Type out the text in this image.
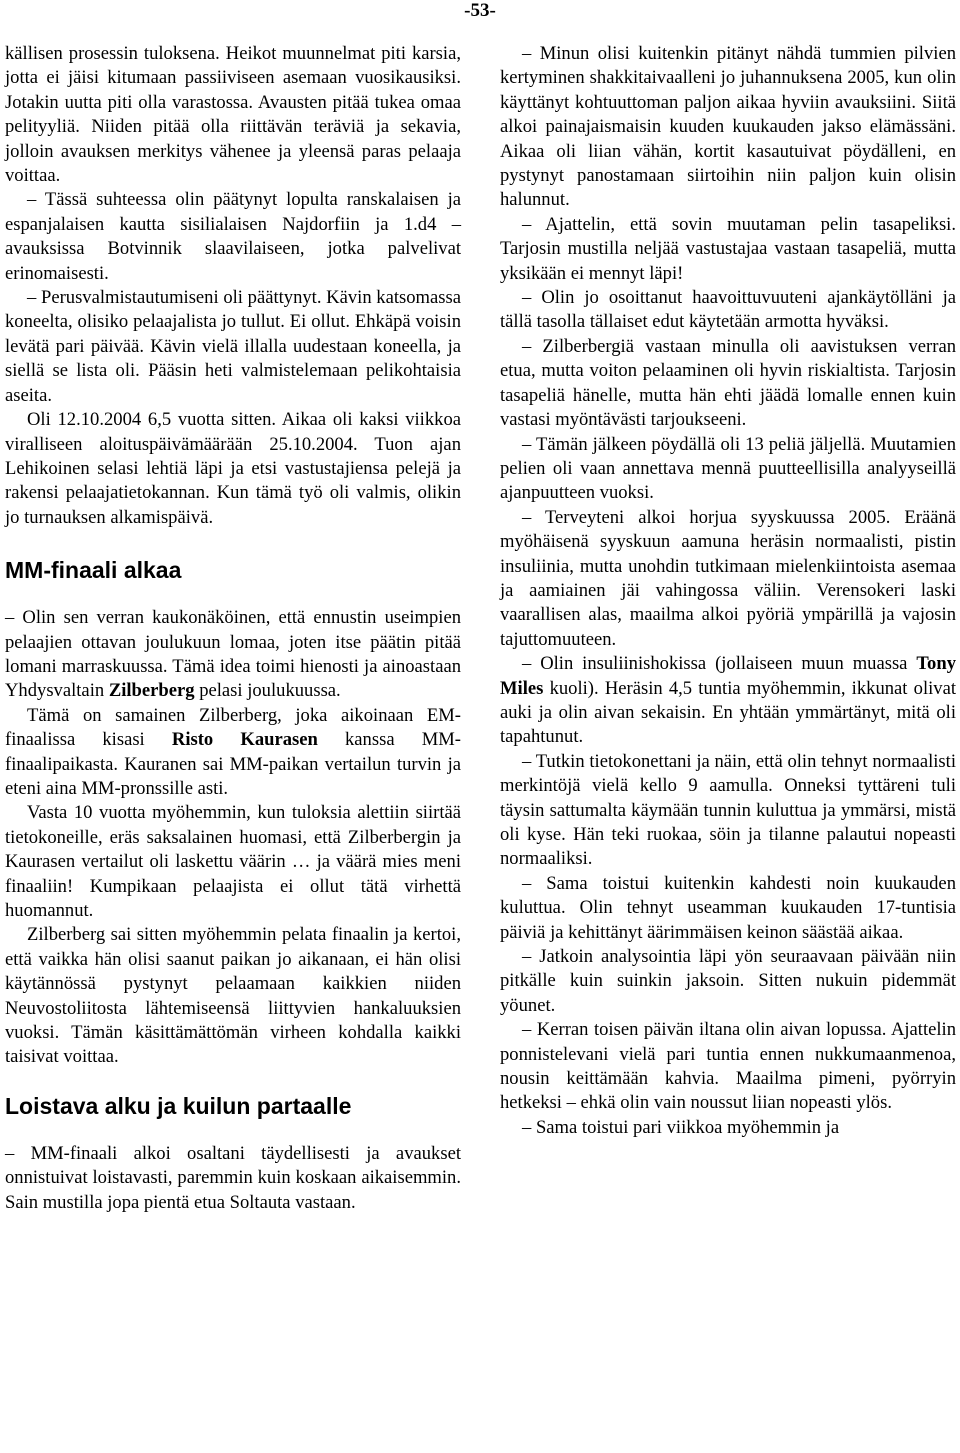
-53-

källisen prosessin tuloksena. Heikot muunnelmat piti karsia, jotta ei jäisi kitumaan passiiviseen asemaan vuosikausiksi. Jotakin uutta piti olla varastossa. Avausten pitää tukea omaa pelityyliä. Niiden pitää olla riittävän teräviä ja sekavia, jolloin avauksen merkitys vähenee ja yleensä paras pelaaja voittaa.

– Tässä suhteessa olin päätynyt lopulta ranskalaisen ja espanjalaisen kautta sisilialaisen Najdorfiin ja 1.d4 –avauksissa Botvinnik slaavilaiseen, jotka palvelivat erinomaisesti.

– Perusvalmistautumiseni oli päättynyt. Kävin katsomassa koneelta, olisiko pelaajalista jo tullut. Ei ollut. Ehkäpä voisin levätä pari päivää. Kävin vielä illalla uudestaan koneella, ja siellä se lista oli. Pääsin heti valmistelemaan pelikohtaisia aseita.

Oli 12.10.2004 6,5 vuotta sitten. Aikaa oli kaksi viikkoa viralliseen aloituspäivämäärään 25.10.2004. Tuon ajan Lehikoinen selasi lehtiä läpi ja etsi vastustajiensa pelejä ja rakensi pelaajatietokannan. Kun tämä työ oli valmis, olikin jo turnauksen alkamispäivä.

MM-finaali alkaa

– Olin sen verran kaukonäköinen, että ennustin useimpien pelaajien ottavan joulukuun lomaa, joten itse päätin pitää lomani marraskuussa. Tämä idea toimi hienosti ja ainoastaan Yhdysvaltain Zilberberg pelasi joulukuussa.

Tämä on samainen Zilberberg, joka aikoinaan EM-finaalissa kisasi Risto Kaurasen kanssa MM-finaalipaikasta. Kauranen sai MM-paikan vertailun turvin ja eteni aina MM-pronssille asti.

Vasta 10 vuotta myöhemmin, kun tuloksia alettiin siirtää tietokoneille, eräs saksalainen huomasi, että Zilberbergin ja Kaurasen vertailut oli laskettu väärin … ja väärä mies meni finaaliin! Kumpikaan pelaajista ei ollut tätä virhettä huomannut.

Zilberberg sai sitten myöhemmin pelata finaalin ja kertoi, että vaikka hän olisi saanut paikan jo aikanaan, ei hän olisi käytännössä pystynyt pelaamaan kaikkien niiden Neuvostoliitosta lähtemiseensä liittyvien hankaluuksien vuoksi. Tämän käsittämättömän virheen kohdalla kaikki taisivat voittaa.

Loistava alku ja kuilun partaalle

– MM-finaali alkoi osaltani täydellisesti ja avaukset onnistuivat loistavasti, paremmin kuin koskaan aikaisemmin. Sain mustilla jopa pientä etua Soltauta vastaan.

– Minun olisi kuitenkin pitänyt nähdä tummien pilvien kertyminen shakkitaivaalleni jo juhannuksena 2005, kun olin käyttänyt kohtuuttoman paljon aikaa hyviin avauksiini. Siitä alkoi painajaismaisin kuuden kuukauden jakso elämässäni. Aikaa oli liian vähän, kortit kasautuivat pöydälleni, en pystynyt panostamaan siirtoihin niin paljon kuin olisin halunnut.

– Ajattelin, että sovin muutaman pelin tasapeliksi. Tarjosin mustilla neljää vastustajaa vastaan tasapeliä, mutta yksikään ei mennyt läpi!

– Olin jo osoittanut haavoittuvuuteni ajankäytölläni ja tällä tasolla tällaiset edut käytetään armotta hyväksi.

– Zilberbergiä vastaan minulla oli aavistuksen verran etua, mutta voiton pelaaminen oli hyvin riskialtista. Tarjosin tasapeliä hänelle, mutta hän ehti jäädä lomalle ennen kuin vastasi myöntävästi tarjoukseeni.

– Tämän jälkeen pöydällä oli 13 peliä jäljellä. Muutamien pelien oli vaan annettava mennä puutteellisilla analyyseillä ajanpuutteen vuoksi.

– Terveyteni alkoi horjua syyskuussa 2005. Eräänä myöhäisenä syyskuun aamuna heräsin normaalisti, pistin insuliinia, mutta unohdin tutkimaan mielenkiintoista asemaa ja aamiainen jäi vahingossa väliin. Verensokeri laski vaarallisen alas, maailma alkoi pyöriä ympärillä ja vajosin tajuttomuuteen.

– Olin insuliinishokissa (jollaiseen muun muassa Tony Miles kuoli). Heräsin 4,5 tuntia myöhemmin, ikkunat olivat auki ja olin aivan sekaisin. En yhtään ymmärtänyt, mitä oli tapahtunut.

– Tutkin tietokonettani ja näin, että olin tehnyt normaalisti merkintöjä vielä kello 9 aamulla. Onneksi tyttäreni tuli täysin sattumalta käymään tunnin kuluttua ja ymmärsi, mistä oli kyse. Hän teki ruokaa, söin ja tilanne palautui nopeasti normaaliksi.

– Sama toistui kuitenkin kahdesti noin kuukauden kuluttua. Olin tehnyt useamman kuukauden 17-tuntisia päiviä ja kehittänyt äärimmäisen keinon säästää aikaa.

– Jatkoin analysointia läpi yön seuraavaan päivään niin pitkälle kuin suinkin jaksoin. Sitten nukuin pidemmät yöunet.

– Kerran toisen päivän iltana olin aivan lopussa. Ajattelin ponnistelevani vielä pari tuntia ennen nukkumaanmenoa, nousin keittämään kahvia. Maailma pimeni, pyörryin hetkeksi – ehkä olin vain noussut liian nopeasti ylös.

– Sama toistui pari viikkoa myöhemmin ja
